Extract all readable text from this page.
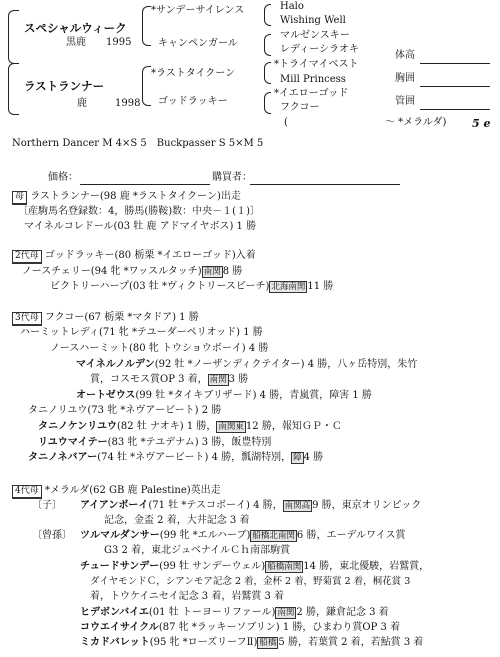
スペシャルウィーク
黒鹿 1995
ラストランナー
鹿	1998
*サンデーサイレンス
キャンペンガール
*ラストタイクーン
ゴッドラッキー
Halo
Wishing Well
マルゼンスキー
レディーシラオキ
*トライマイベスト
Mill Princess
*イエローゴッド
フクコー
(	～ *メラルダ) 5 e
体高
胸囲
管囲
Northern Dancer M 4×S 5　Buckpasser S 5×M 5
価格：	購買者：
母 ラストランナー(98 鹿 *ラストタイクーン)出走
〔産駒馬名登録数：4，勝馬(勝鞍)数：中央－１(１)〕
マイネルコレドール(03 牡 鹿 アドマイヤボス) 1 勝
2代母 ゴッドラッキー(80 栃栗 *イエローゴッド)入着
ノースチェリー(94 牝 *ワッスルタッチ) 南関 8 勝
ビクトリーハープ(03 牡 *ヴィクトリースピーチ) 北海南関 11 勝
3代母 フクコー(67 栃栗 *マタドア) 1 勝
ハーミットレディ(71 牝 *テユーダーペリオッド) 1 勝
ノースハーミット(80 牝 トウショウボーイ) 4 勝
マイネルノルデン(92 牡 *ノーザンディクテイター) 4 勝，八ヶ岳特別，朱竹
賞，コスモス賞OP 3 着， 南関 3 勝
オートゼウス(99 牡 *タイキブリザード) 4 勝，青嵐賞，障害 1 勝
タニノリユウ(73 牝 *ネヴアービート) 2 勝
タニノケンリユウ(82 牡 ナオキ) 1 勝， 南関東 12 勝，報知ＧＰ・Ｃ
リユウマイテー(83 牝 *テユデナム) 3 勝，飯豊特別
タニノネバアー(74 牡 *ネヴアービート) 4 勝，瓢湖特別， 障 4 勝
4代母 *メラルダ(62 GB 鹿 Palestine)英出走
〔子〕 アイアンボーイ(71 牡 *テスコボーイ) 4 勝， 南関高 9 勝，東京オリンピック
記念，金盃 2 着，大井記念 3 着
〔曾孫〕 ツルマルダンサー(99 牝 *エルハーブ) 船橋北南関 6 勝，エーデルワイス賞
G3 2 着，東北ジュベナイルＣｈ南部駒賞
チュードサンデー(99 牡 サンデーウェル) 船橋南関 14 勝，東北優駿，岩鷲賞，
ダイヤモンドＣ，シアンモア記念 2 着，金杯 2 着，野菊賞 2 着，桐花賞 3
着，トウケイニセイ記念 3 着，岩鷲賞 3 着
ヒデボンバイエ(01 牡 トーヨーリファール) 南関 2 勝，鎌倉記念 3 着
コウエイサイクル(87 牝 *ラッキーソブリン) 1 勝，ひまわり賞OP 3 着
ミカドバレット(95 牝 *ローズリーフⅡ) 船橋 5 勝，若葉賞 2 着，若鮎賞 3 着
